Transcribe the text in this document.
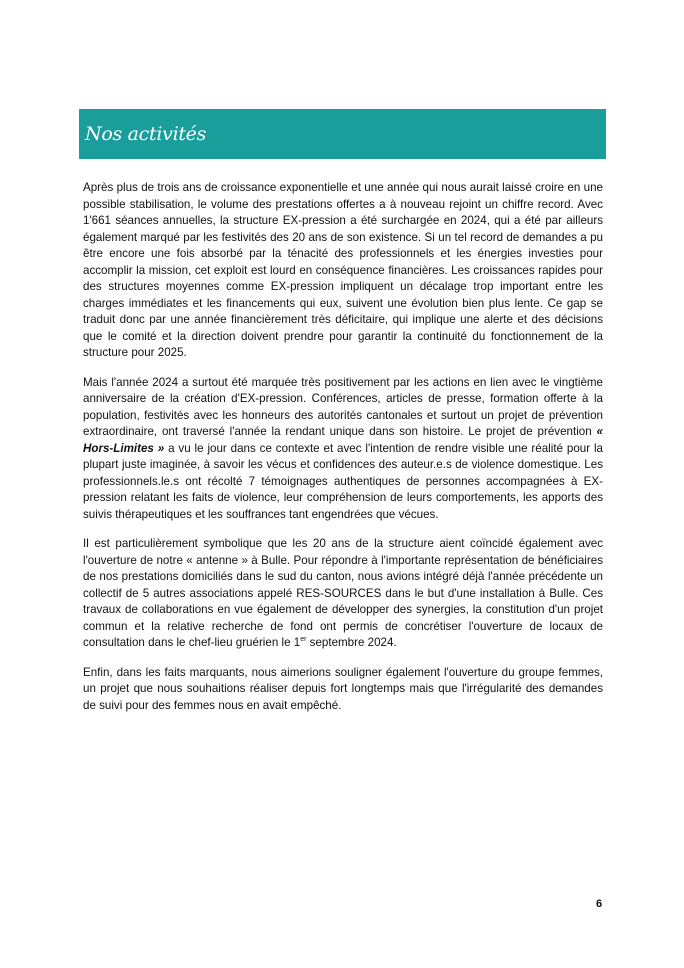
Nos activités

Après plus de trois ans de croissance exponentielle et une année qui nous aurait laissé croire en une possible stabilisation, le volume des prestations offertes a à nouveau rejoint un chiffre record. Avec 1'661 séances annuelles, la structure EX-pression a été surchargée en 2024, qui a été par ailleurs également marqué par les festivités des 20 ans de son existence. Si un tel record de demandes a pu être encore une fois absorbé par la ténacité des professionnels et les énergies investies pour accomplir la mission, cet exploit est lourd en conséquence financières. Les croissances rapides pour des structures moyennes comme EX-pression impliquent un décalage trop important entre les charges immédiates et les financements qui eux, suivent une évolution bien plus lente. Ce gap se traduit donc par une année financièrement très déficitaire, qui implique une alerte et des décisions que le comité et la direction doivent prendre pour garantir la continuité du fonctionnement de la structure pour 2025.

Mais l'année 2024 a surtout été marquée très positivement par les actions en lien avec le vingtième anniversaire de la création d'EX-pression. Conférences, articles de presse, formation offerte à la population, festivités avec les honneurs des autorités cantonales et surtout un projet de prévention extraordinaire, ont traversé l'année la rendant unique dans son histoire. Le projet de prévention « Hors-Limites » a vu le jour dans ce contexte et avec l'intention de rendre visible une réalité pour la plupart juste imaginée, à savoir les vécus et confidences des auteur.e.s de violence domestique. Les professionnels.le.s ont récolté 7 témoignages authentiques de personnes accompagnées à EX-pression relatant les faits de violence, leur compréhension de leurs comportements, les apports des suivis thérapeutiques et les souffrances tant engendrées que vécues.

Il est particulièrement symbolique que les 20 ans de la structure aient coïncidé également avec l'ouverture de notre « antenne » à Bulle. Pour répondre à l'importante représentation de bénéficiaires de nos prestations domiciliés dans le sud du canton, nous avions intégré déjà l'année précédente un collectif de 5 autres associations appelé RES-SOURCES dans le but d'une installation à Bulle. Ces travaux de collaborations en vue également de développer des synergies, la constitution d'un projet commun et la relative recherche de fond ont permis de concrétiser l'ouverture de locaux de consultation dans le chef-lieu gruérien le 1er septembre 2024.

Enfin, dans les faits marquants, nous aimerions souligner également l'ouverture du groupe femmes, un projet que nous souhaitions réaliser depuis fort longtemps mais que l'irrégularité des demandes de suivi pour des femmes nous en avait empêché.

6
